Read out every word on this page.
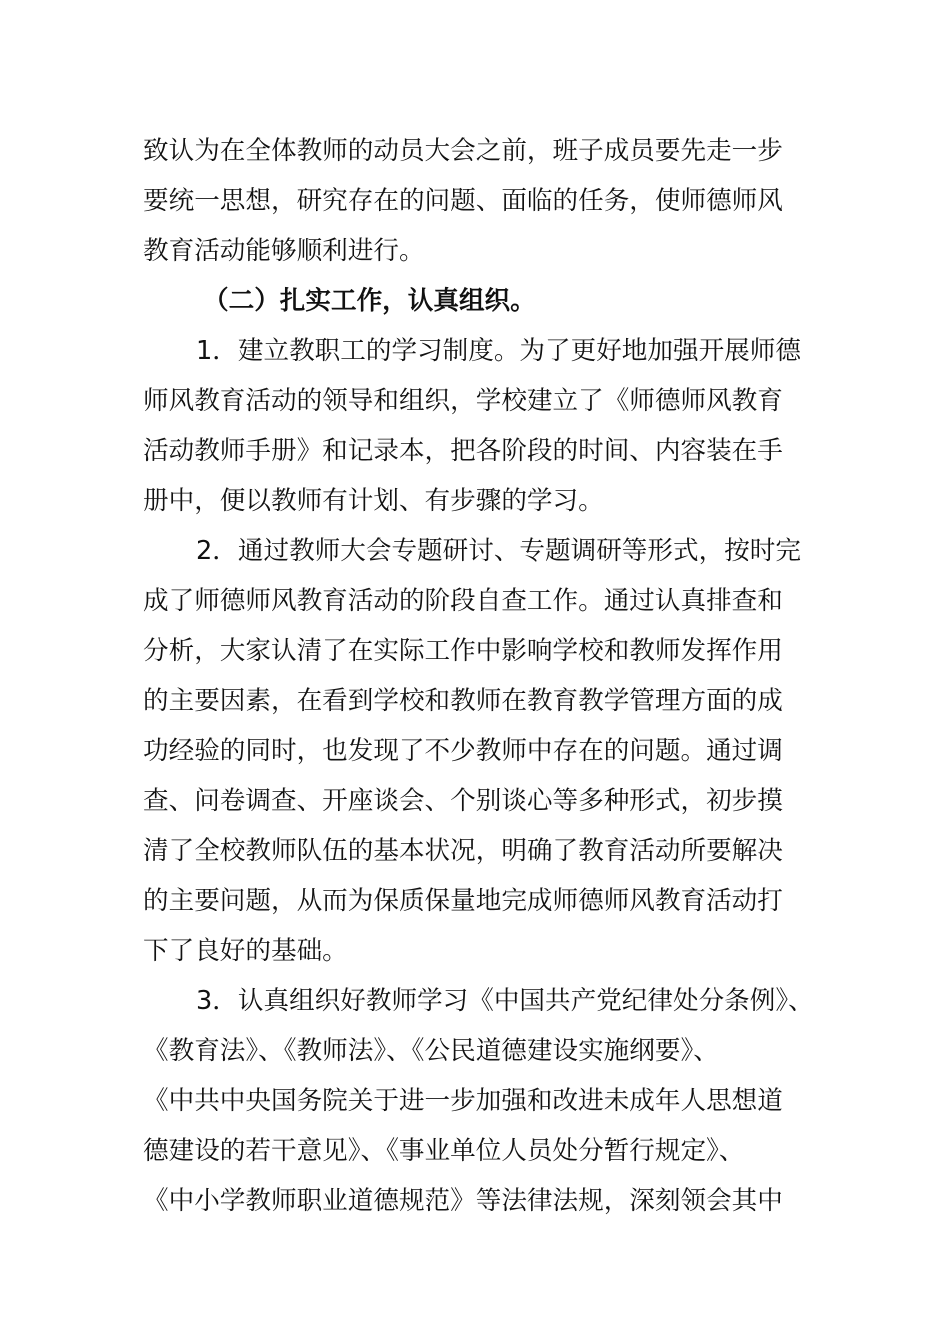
致认为在全体教师的动员大会之前，班子成员要先走一步
要统一思想，研究存在的问题、面临的任务，使师德师风
教育活动能够顺利进行。
（二）扎实工作，认真组织。
1．建立教职工的学习制度。为了更好地加强开展师德
师风教育活动的领导和组织，学校建立了《师德师风教育
活动教师手册》和记录本，把各阶段的时间、内容装在手
册中，便以教师有计划、有步骤的学习。
2．通过教师大会专题研讨、专题调研等形式，按时完
成了师德师风教育活动的阶段自查工作。通过认真排查和
分析，大家认清了在实际工作中影响学校和教师发挥作用
的主要因素，在看到学校和教师在教育教学管理方面的成
功经验的同时，也发现了不少教师中存在的问题。通过调
查、问卷调查、开座谈会、个别谈心等多种形式，初步摸
清了全校教师队伍的基本状况，明确了教育活动所要解决
的主要问题，从而为保质保量地完成师德师风教育活动打
下了良好的基础。
3．认真组织好教师学习《中国共产党纪律处分条例》、
《教育法》、《教师法》、《公民道德建设实施纲要》、
《中共中央国务院关于进一步加强和改进未成年人思想道
德建设的若干意见》、《事业单位人员处分暂行规定》、
《中小学教师职业道德规范》等法律法规，深刻领会其中
